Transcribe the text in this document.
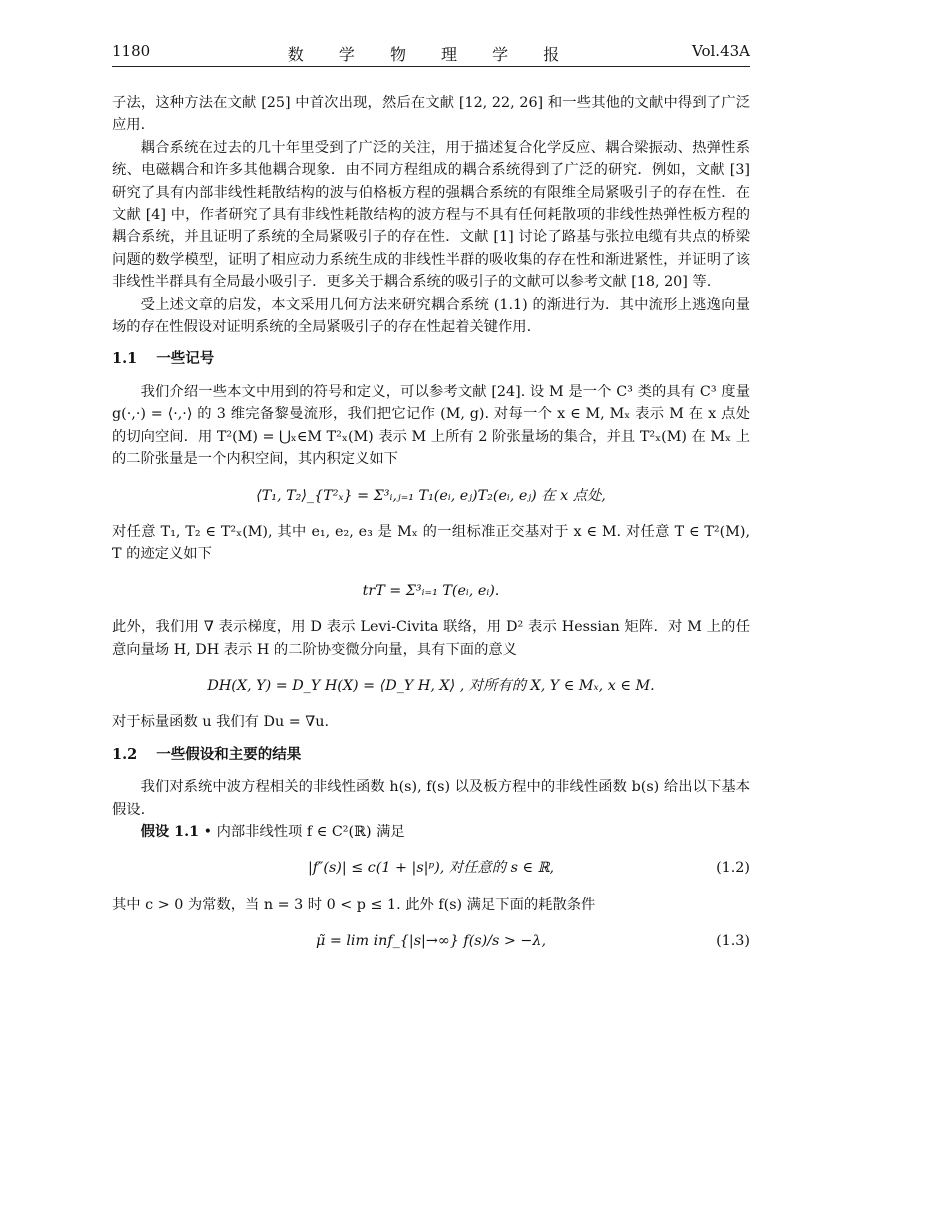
1180	数 学 物 理 学 报	Vol.43A

子法，这种方法在文献 [25] 中首次出现，然后在文献 [12, 22, 26] 和一些其他的文献中得到了广泛应用.

耦合系统在过去的几十年里受到了广泛的关注，用于描述复合化学反应、耦合梁振动、热弹性系统、电磁耦合和许多其他耦合现象．由不同方程组成的耦合系统得到了广泛的研究．例如，文献 [3] 研究了具有内部非线性耗散结构的波与伯格板方程的强耦合系统的有限维全局紧吸引子的存在性．在文献 [4] 中，作者研究了具有非线性耗散结构的波方程与不具有任何耗散项的非线性热弹性板方程的耦合系统，并且证明了系统的全局紧吸引子的存在性．文献 [1] 讨论了路基与张拉电缆有共点的桥梁问题的数学模型，证明了相应动力系统生成的非线性半群的吸收集的存在性和渐进紧性，并证明了该非线性半群具有全局最小吸引子．更多关于耦合系统的吸引子的文献可以参考文献 [18, 20] 等.

受上述文章的启发，本文采用几何方法来研究耦合系统 (1.1) 的渐进行为．其中流形上逃逸向量场的存在性假设对证明系统的全局紧吸引子的存在性起着关键作用.

1.1 一些记号

我们介绍一些本文中用到的符号和定义，可以参考文献 [24]. 设 M 是一个 C³ 类的具有 C³ 度量 g(·,·) = ⟨·,·⟩ 的 3 维完备黎曼流形，我们把它记作 (M, g). 对每一个 x ∈ M, Mₓ 表示 M 在 x 点处的切向空间．用 T²(M) = ⋃ₓ∈M T²ₓ(M) 表示 M 上所有 2 阶张量场的集合，并且 T²ₓ(M) 在 Mₓ 上的二阶张量是一个内积空间，其内积定义如下

⟨T₁, T₂⟩_{T²ₓ} = Σ³ᵢ,ⱼ₌₁ T₁(eᵢ, eⱼ)T₂(eᵢ, eⱼ) 在 x 点处,

对任意 T₁, T₂ ∈ T²ₓ(M), 其中 e₁, e₂, e₃ 是 Mₓ 的一组标准正交基对于 x ∈ M. 对任意 T ∈ T²(M), T 的迹定义如下

trT = Σ³ᵢ₌₁ T(eᵢ, eᵢ).

此外，我们用 ∇ 表示梯度，用 D 表示 Levi-Civita 联络，用 D² 表示 Hessian 矩阵．对 M 上的任意向量场 H, DH 表示 H 的二阶协变微分向量，具有下面的意义

DH(X, Y) = D_Y H(X) = ⟨D_Y H, X⟩ , 对所有的 X, Y ∈ Mₓ, x ∈ M.

对于标量函数 u 我们有 Du = ∇u.

1.2 一些假设和主要的结果

我们对系统中波方程相关的非线性函数 h(s), f(s) 以及板方程中的非线性函数 b(s) 给出以下基本假设.

假设 1.1 • 内部非线性项 f ∈ C²(ℝ) 满足

|f″(s)| ≤ c(1 + |s|ᵖ), 对任意的 s ∈ ℝ,	(1.2)

其中 c > 0 为常数，当 n = 3 时 0 < p ≤ 1. 此外 f(s) 满足下面的耗散条件

μ̃ = lim inf_{|s|→∞} f(s)/s > −λ,	(1.3)
